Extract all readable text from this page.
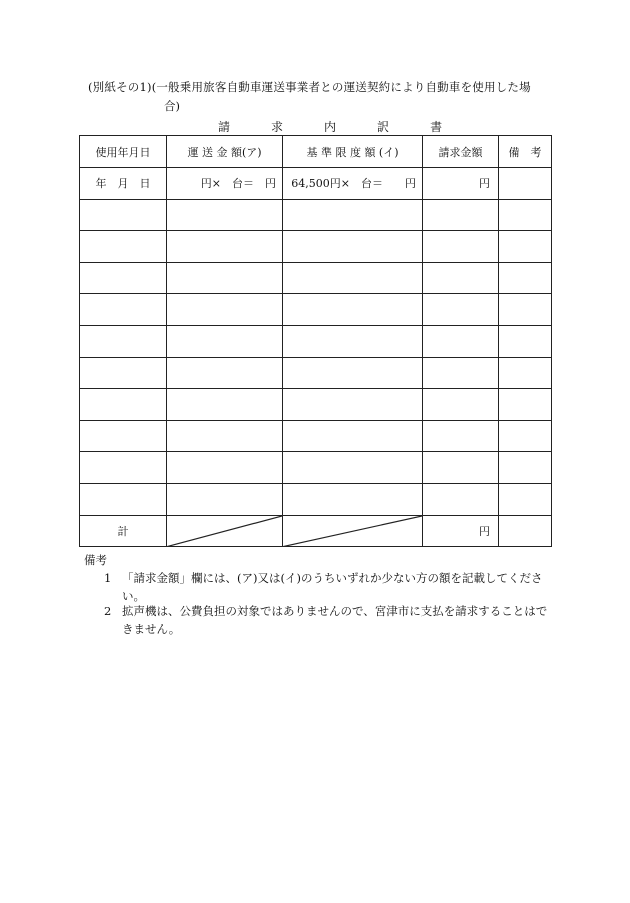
(別紙その1)(一般乗用旅客自動車運送事業者との運送契約により自動車を使用した場
合)
請	求	内	訳	書
使用年月日	運 送 金 額(ア)	基 準 限 度 額 (イ)	請求金額	備　考
年　月　日	円×　台＝　円	64,500円×　台＝　　円	円	

計			円	
備考
1 「請求金額」欄には、(ア)又は(イ)のうちいずれか少ない方の額を記載してくださ
い。
2 拡声機は、公費負担の対象ではありませんので、宮津市に支払を請求することはで
きません。
